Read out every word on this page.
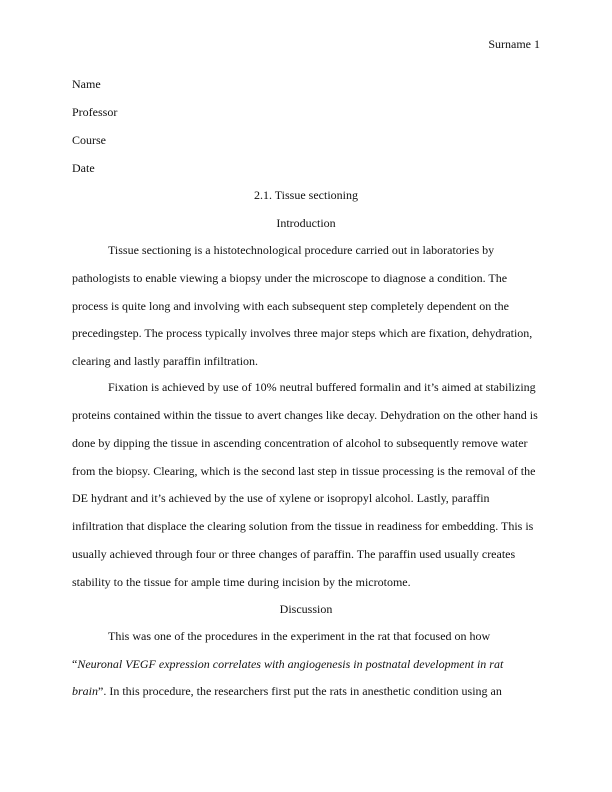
Surname 1
Name
Professor
Course
Date
2.1. Tissue sectioning
Introduction
Tissue sectioning is a histotechnological procedure carried out in laboratories by
pathologists to enable viewing a biopsy under the microscope to diagnose a condition. The
process is quite long and involving with each subsequent step completely dependent on the
precedingstep. The process typically involves three major steps which are fixation, dehydration,
clearing and lastly paraffin infiltration.
Fixation is achieved by use of 10% neutral buffered formalin and it’s aimed at stabilizing
proteins contained within the tissue to avert changes like decay. Dehydration on the other hand is
done by dipping the tissue in ascending concentration of alcohol to subsequently remove water
from the biopsy. Clearing, which is the second last step in tissue processing is the removal of the
DE hydrant and it’s achieved by the use of xylene or isopropyl alcohol. Lastly, paraffin
infiltration that displace the clearing solution from the tissue in readiness for embedding. This is
usually achieved through four or three changes of paraffin. The paraffin used usually creates
stability to the tissue for ample time during incision by the microtome.
Discussion
This was one of the procedures in the experiment in the rat that focused on how
“Neuronal VEGF expression correlates with angiogenesis in postnatal development in rat
brain”. In this procedure, the researchers first put the rats in anesthetic condition using an
